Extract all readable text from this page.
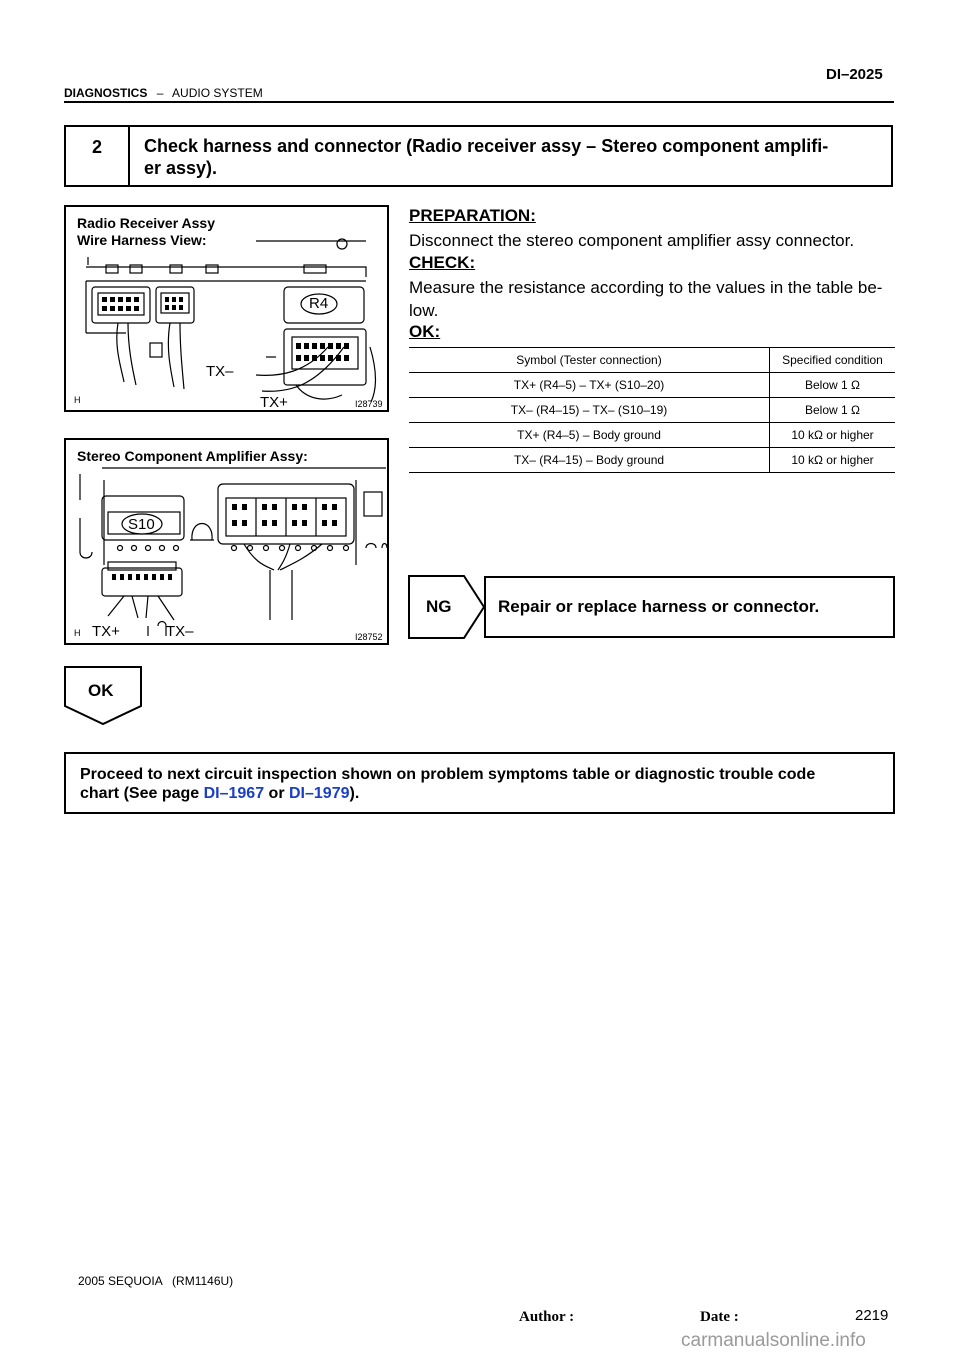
DI–2025
DIAGNOSTICS – AUDIO SYSTEM
2	Check harness and connector (Radio receiver assy – Stereo component amplifi-
er assy).
Radio Receiver Assy
Wire Harness View:
R4
TX–
TX+
H	I28739
Stereo Component Amplifier Assy:
S10
TX+	TX–
H	I28752
PREPARATION:
Disconnect the stereo component amplifier assy connector.
CHECK:
Measure the resistance according to the values in the table be-
low.
OK:
Symbol (Tester connection)	Specified condition
TX+ (R4–5) – TX+ (S10–20)	Below 1 Ω
TX– (R4–15) – TX– (S10–19)	Below 1 Ω
TX+ (R4–5) – Body ground	10 kΩ or higher
TX– (R4–15) – Body ground	10 kΩ or higher
NG	Repair or replace harness or connector.
OK
Proceed to next circuit inspection shown on problem symptoms table or diagnostic trouble code
chart (See page DI–1967 or DI–1979).
2005 SEQUOIA   (RM1146U)
2219
Author :	Date :
carmanualsonline.info
